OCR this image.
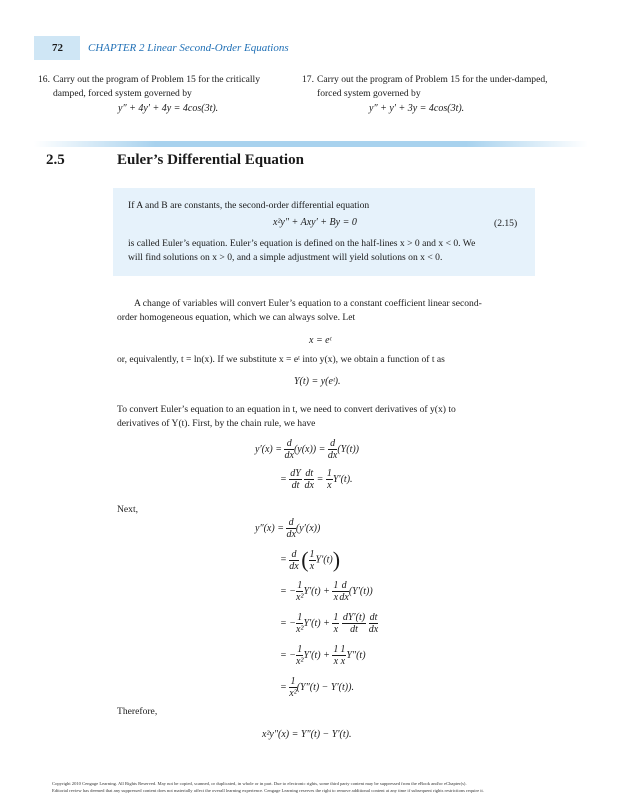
72 CHAPTER 2 Linear Second-Order Equations
16. Carry out the program of Problem 15 for the critically damped, forced system governed by
y″ + 4y′ + 4y = 4cos(3t).
17. Carry out the program of Problem 15 for the under-damped, forced system governed by
y″ + y′ + 3y = 4cos(3t).
2.5	Euler’s Differential Equation
If A and B are constants, the second-order differential equation
x²y″ + Axy′ + By = 0	(2.15)
is called Euler’s equation. Euler’s equation is defined on the half-lines x > 0 and x < 0. We
will find solutions on x > 0, and a simple adjustment will yield solutions on x < 0.
A change of variables will convert Euler’s equation to a constant coefficient linear second-
order homogeneous equation, which we can always solve. Let
x = eᵗ
or, equivalently, t = ln(x). If we substitute x = eᵗ into y(x), we obtain a function of t as
Y(t) = y(eᵗ).
To convert Euler’s equation to an equation in t, we need to convert derivatives of y(x) to
derivatives of Y(t). First, by the chain rule, we have
$y'(x) = \frac{d}{dx} (y(x)) = \frac{d}{dx} (Y(t))$
= $\frac{dY}{dt}$
$\frac{dt}{dx} = \frac{1}{x} Y'(t)$.
Next,
$y''(x) = \frac{d}{dx} (y'(x))$
= $\frac{d}{dx}$ ( $\frac{1}{x} Y'(t)$)
= − $\frac{1}{\text{x²}} Y'(t) + \frac{1}{x} \frac{d}{dx} (Y'(t))$
= − $\frac{1}{\text{x²}} Y'(t) + \frac{1}{x}$
$\frac{dY'(t)}{dt}$
$\frac{dt}{dx}$
= − $\frac{1}{\text{x²}} Y'(t) + \frac{1}{x} \frac{1}{x} Y''(t)$
= $\frac{1}{\text{x²}} (Y''(t) - Y'(t))$.
Therefore,
x²y″(x) = Y″(t) − Y′(t).
Copyright 2010 Cengage Learning. All Rights Reserved. May not be copied, scanned, or duplicated, in whole or in part. Due to electronic rights, some third party content may be suppressed from the eBook and/or eChapter(s).
Editorial review has deemed that any suppressed content does not materially affect the overall learning experience. Cengage Learning reserves the right to remove additional content at any time if subsequent rights restrictions require it.
